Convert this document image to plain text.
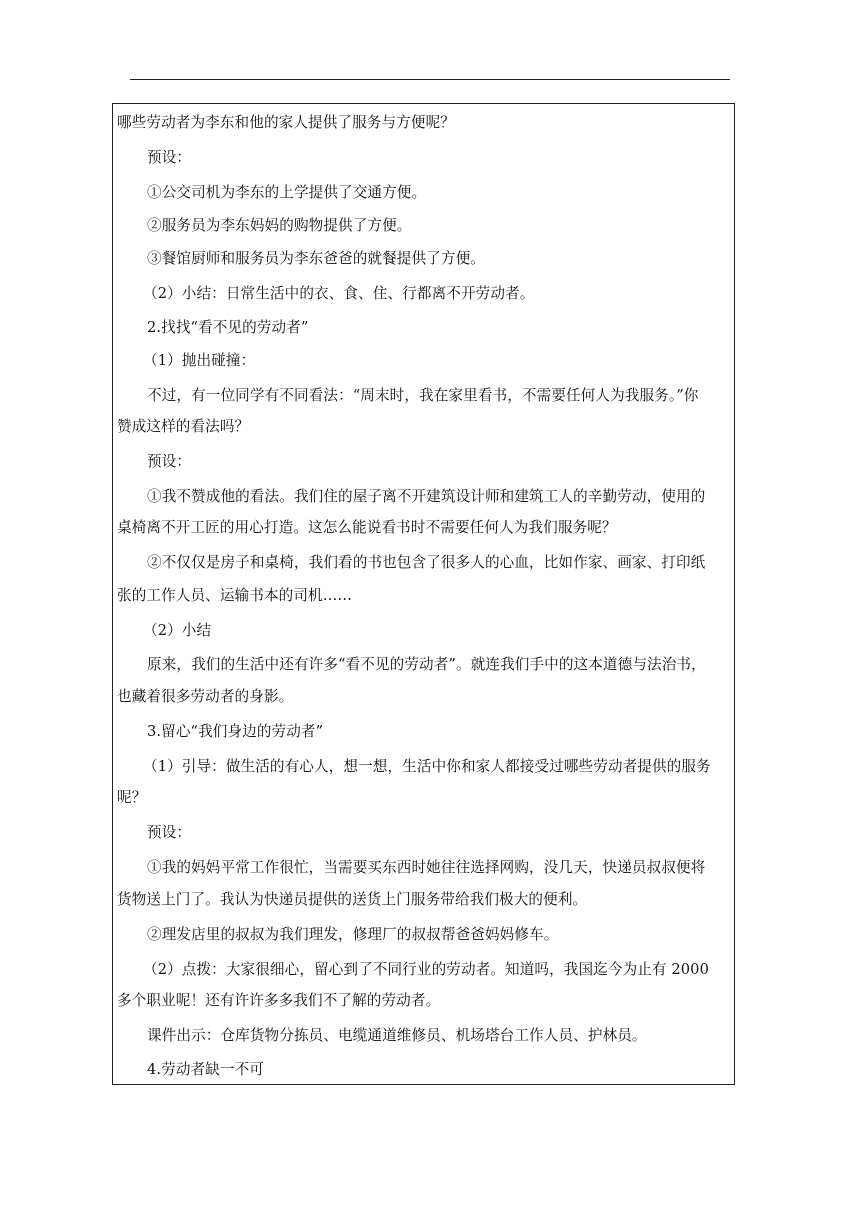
哪些劳动者为李东和他的家人提供了服务与方便呢？
预设：
①公交司机为李东的上学提供了交通方便。
②服务员为李东妈妈的购物提供了方便。
③餐馆厨师和服务员为李东爸爸的就餐提供了方便。
（2）小结：日常生活中的衣、食、住、行都离不开劳动者。
2.找找“看不见的劳动者”
（1）抛出碰撞：
不过，有一位同学有不同看法：“周末时，我在家里看书，不需要任何人为我服务。”你
赞成这样的看法吗？
预设：
①我不赞成他的看法。我们住的屋子离不开建筑设计师和建筑工人的辛勤劳动，使用的
桌椅离不开工匠的用心打造。这怎么能说看书时不需要任何人为我们服务呢？
②不仅仅是房子和桌椅，我们看的书也包含了很多人的心血，比如作家、画家、打印纸
张的工作人员、运输书本的司机……
（2）小结
原来，我们的生活中还有许多“看不见的劳动者”。就连我们手中的这本道德与法治书，
也藏着很多劳动者的身影。
3.留心“我们身边的劳动者”
（1）引导：做生活的有心人，想一想，生活中你和家人都接受过哪些劳动者提供的服务
呢？
预设：
①我的妈妈平常工作很忙，当需要买东西时她往往选择网购，没几天，快递员叔叔便将
货物送上门了。我认为快递员提供的送货上门服务带给我们极大的便利。
②理发店里的叔叔为我们理发，修理厂的叔叔帮爸爸妈妈修车。
（2）点拨：大家很细心，留心到了不同行业的劳动者。知道吗，我国迄今为止有 2000
多个职业呢！还有许许多多我们不了解的劳动者。
课件出示：仓库货物分拣员、电缆通道维修员、机场塔台工作人员、护林员。
4.劳动者缺一不可
